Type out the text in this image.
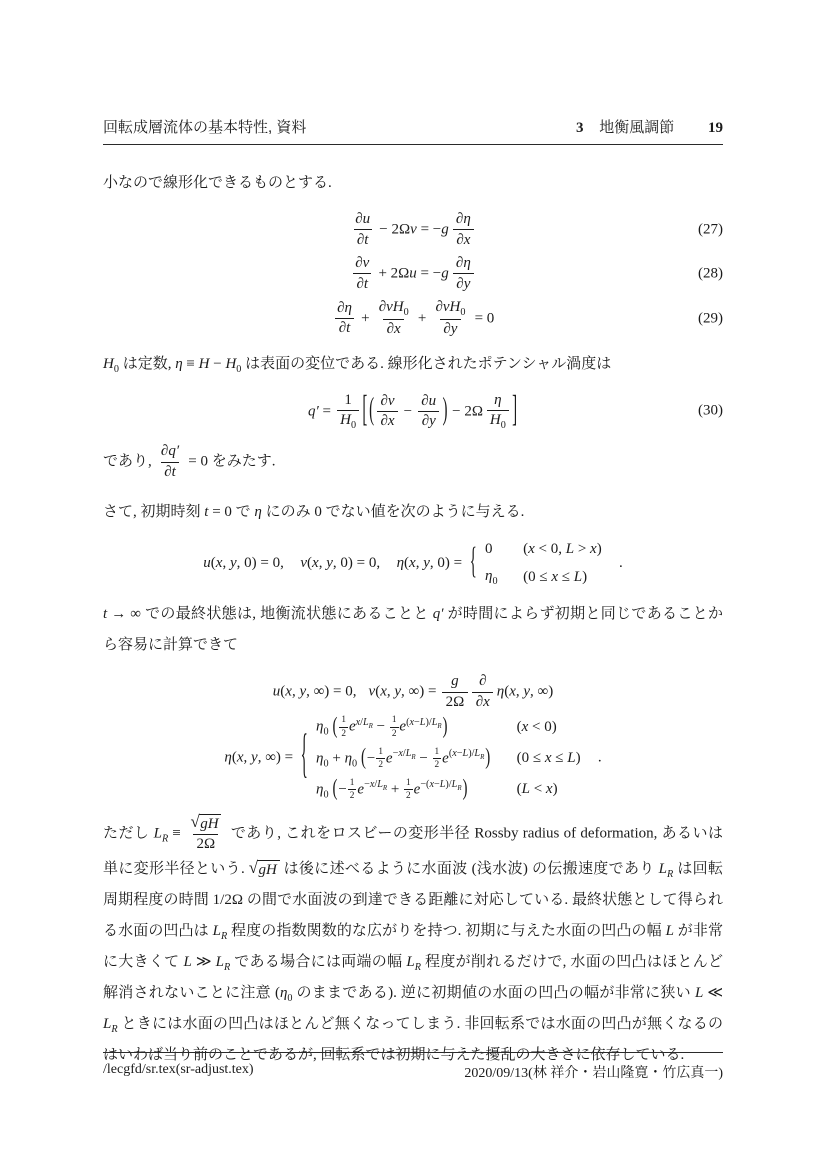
回転成層流体の基本特性, 資料	3 地衡風調節 19

小なので線形化できるものとする.

$\frac{\partial u}{\partial t} - 2\Omega v = -g \frac{\partial\eta}{\partial x}$	(27)
$\frac{\partial v}{\partial t} + 2\Omega u = -g \frac{\partial\eta}{\partial y}$	(28)
$\frac{\partial\eta}{\partial t} + \frac{\partial vH_0}{\partial x} + \frac{\partial vH_0}{\partial y} = 0$	(29)

$H_0$ は定数, $\eta \equiv H - H_0$ は表面の変位である. 線形化されたポテンシャル渦度は

$q' = \frac{1}{H_0}$ [ ( $\frac{\partial v}{\partial x} - \frac{\partial u}{\partial y}$ ) − $2\Omega \frac{\eta}{H_0}$ ]	(30)

であり, $\frac{\partial q'}{\partial t} = 0$ をみたす.

さて, 初期時刻 t = 0 で η にのみ 0 でない値を次のように与える.

u(x, y, 0) = 0, v(x, y, 0) = 0, η(x, y, 0) = { 0 (x < 0, L > x)
$\eta_0$ (0 ≤ x ≤ L)
.

t → ∞ での最終状態は, 地衡流状態にあることと q′ が時間によらず初期と同じであることから容易に計算できて

u(x, y, ∞) = 0, v(x, y, ∞) = $\frac{g}{2\Omega}$ ∂
∂x
η(x, y, ∞)
η(x, y, ∞) = {
$\eta_0$ ( $\frac{1}{2} e^{x/L_R} - \frac{1}{2} e^{(x-L)/L_R}$)	(x < 0)
$\eta_0 + \eta_0$ (− $\frac{1}{2} e^{-x/L_R} - \frac{1}{2} e^{(x-L)/L_R}$) (0 ≤ x ≤ L)
$\eta_0$ (− $\frac{1}{2} e^{-x/L_R} + \frac{1}{2} e^{-(x-L)/L_R}$)	(L < x)
.

ただし $L_R \equiv \frac{√ gH}{2\Omega}$ であり, これをロスビーの変形半径 Rossby radius of deformation, あるいは単に変形半径という. √ gH は後に述べるように水面波 (浅水波) の伝搬速度であり $L_R$ は回転周期程度の時間 1/2Ω の間で水面波の到達できる距離に対応している. 最終状態として得られる水面の凹凸は $L_R$ 程度の指数関数的な広がりを持つ. 初期に与えた水面の凹凸の幅 L が非常に大きくて L ≫ $L_R$ である場合には両端の幅 $L_R$ 程度が削れるだけで, 水面の凹凸はほとんど解消されないことに注意 ($\eta_0$ のままである). 逆に初期値の水面の凹凸の幅が非常に狭い L ≪ $L_R$ ときには水面の凹凸はほとんど無くなってしまう. 非回転系では水面の凹凸が無くなるのはいわば当り前のことであるが, 回転系では初期に与えた擾乱の大きさに依存している.

/lecgfd/sr.tex(sr-adjust.tex)	2020/09/13(林 祥介・岩山隆寛・竹広真一)
